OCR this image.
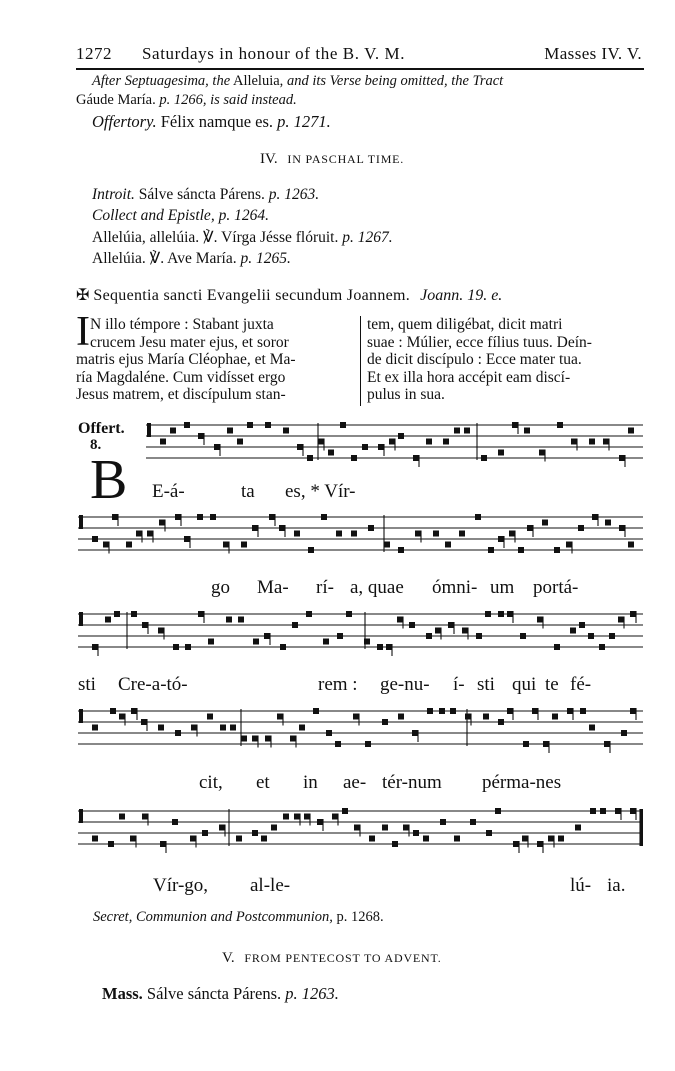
1272 Saturdays in honour of the B. V. M.	Masses IV. V.
After Septuagesima, the Alleluia, and its Verse being omitted, the Tract
Gáude María. p. 1266, is said instead.
Offertory. Félix namque es. p. 1271.
IV. IN PASCHAL TIME.
Introit. Sálve sáncta Párens. p. 1263.
Collect and Epistle, p. 1264.
Allelúia, allelúia. ℣. Vírga Jésse flóruit. p. 1267.
Allelúia. ℣. Ave María. p. 1265.
✠ Sequentia sancti Evangelii secundum Joannem. Joann. 19. e.
I N illo témpore : Stabant juxta
crucem Jesu mater ejus, et soror
matris ejus María Cléophae, et Ma-
ría Magdaléne. Cum vidísset ergo
Jesus matrem, et discípulum stan-
tem, quem diligébat, dicit matri
suae : Múlier, ecce fílius tuus. Deín-
de dicit discípulo : Ecce mater tua.
Et ex illa hora accépit eam discí-
pulus in sua.
Offert.
8.
B E-á-	ta es, * Vír-
go Ma- rí- a, quae ómni- um portá-
sti Cre-a-tó-	rem : ge-nu- í- sti qui te fé-
cit, et in ae- tér-num pérma-nes
Vír-go, al-le-	lú- ia.
Secret, Communion and Postcommunion, p. 1268.
V. FROM PENTECOST TO ADVENT.
Mass. Sálve sáncta Párens. p. 1263.
